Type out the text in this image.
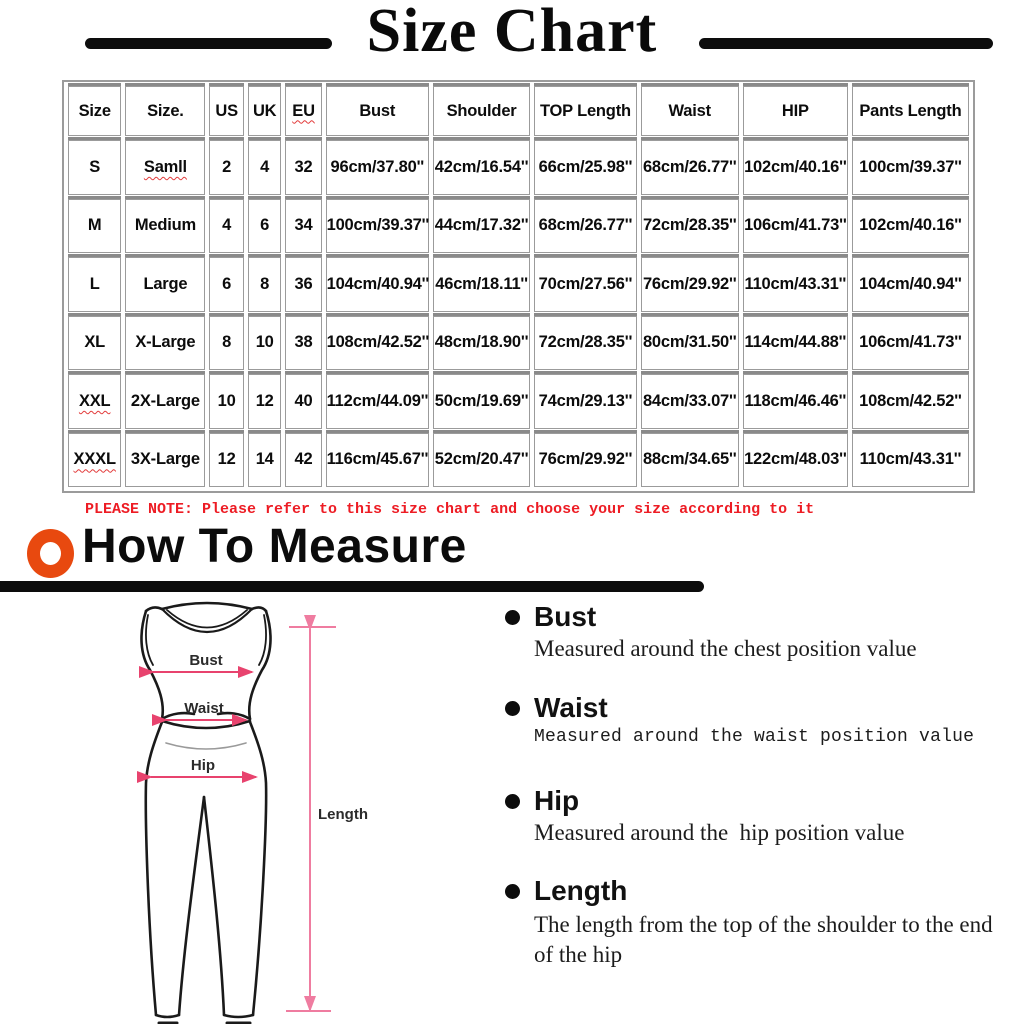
Size Chart
Size	Size.	US	UK	EU	Bust	Shoulder	TOP Length	Waist	HIP	Pants Length
S	Samll	2	4	32	96cm/37.80''	42cm/16.54''	66cm/25.98''	68cm/26.77''	102cm/40.16''	100cm/39.37''
M	Medium	4	6	34	100cm/39.37''	44cm/17.32''	68cm/26.77''	72cm/28.35''	106cm/41.73''	102cm/40.16''
L	Large	6	8	36	104cm/40.94''	46cm/18.11''	70cm/27.56''	76cm/29.92''	110cm/43.31''	104cm/40.94''
XL	X-Large	8	10	38	108cm/42.52''	48cm/18.90''	72cm/28.35''	80cm/31.50''	114cm/44.88''	106cm/41.73''
XXL	2X-Large	10	12	40	112cm/44.09''	50cm/19.69''	74cm/29.13''	84cm/33.07''	118cm/46.46''	108cm/42.52''
XXXL	3X-Large	12	14	42	116cm/45.67''	52cm/20.47''	76cm/29.92''	88cm/34.65''	122cm/48.03''	110cm/43.31''
PLEASE NOTE: Please refer to this size chart and choose your size according to it
How To Measure
Bust
Waist
Hip
Length
Bust
Measured around the chest position value
Waist
Measured around the waist position value
Hip
Measured around the  hip position value
Length
The length from the top of the shoulder to the end of the hip
